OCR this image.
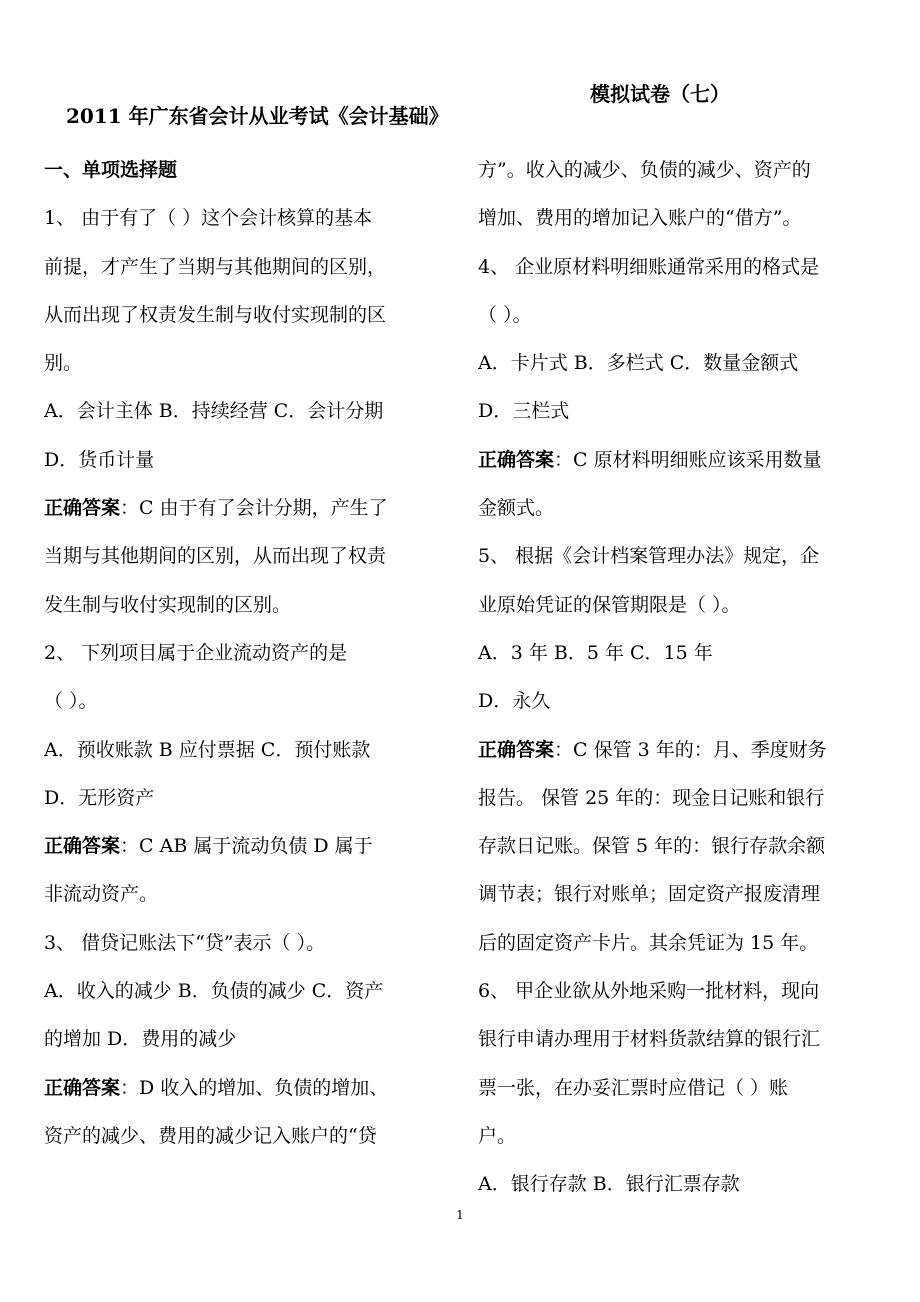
模拟试卷（七）
2011 年广东省会计从业考试《会计基础》
一、单项选择题
1、 由于有了（ ）这个会计核算的基本
前提，才产生了当期与其他期间的区别，
从而出现了权责发生制与收付实现制的区
别。
A．会计主体 B．持续经营 C．会计分期
D．货币计量
正确答案：C 由于有了会计分期，产生了
当期与其他期间的区别，从而出现了权责
发生制与收付实现制的区别。
2、 下列项目属于企业流动资产的是
（ ）。
A．预收账款 B 应付票据 C．预付账款
D．无形资产
正确答案：C AB 属于流动负债 D 属于
非流动资产。
3、 借贷记账法下“贷”表示（ ）。
A．收入的减少 B．负债的减少 C．资产
的增加 D．费用的减少
正确答案：D 收入的增加、负债的增加、
资产的减少、费用的减少记入账户的“贷
方”。收入的减少、负债的减少、资产的
增加、费用的增加记入账户的“借方”。
4、 企业原材料明细账通常采用的格式是
（ ）。
A．卡片式 B．多栏式 C．数量金额式
D．三栏式
正确答案：C 原材料明细账应该采用数量
金额式。
5、 根据《会计档案管理办法》规定，企
业原始凭证的保管期限是（ ）。
A．3 年 B．5 年 C．15 年
D．永久
正确答案：C 保管 3 年的：月、季度财务
报告。 保管 25 年的：现金日记账和银行
存款日记账。保管 5 年的：银行存款余额
调节表；银行对账单；固定资产报废清理
后的固定资产卡片。其余凭证为 15 年。
6、 甲企业欲从外地采购一批材料，现向
银行申请办理用于材料货款结算的银行汇
票一张，在办妥汇票时应借记（ ）账
户。
A．银行存款 B．银行汇票存款
1
